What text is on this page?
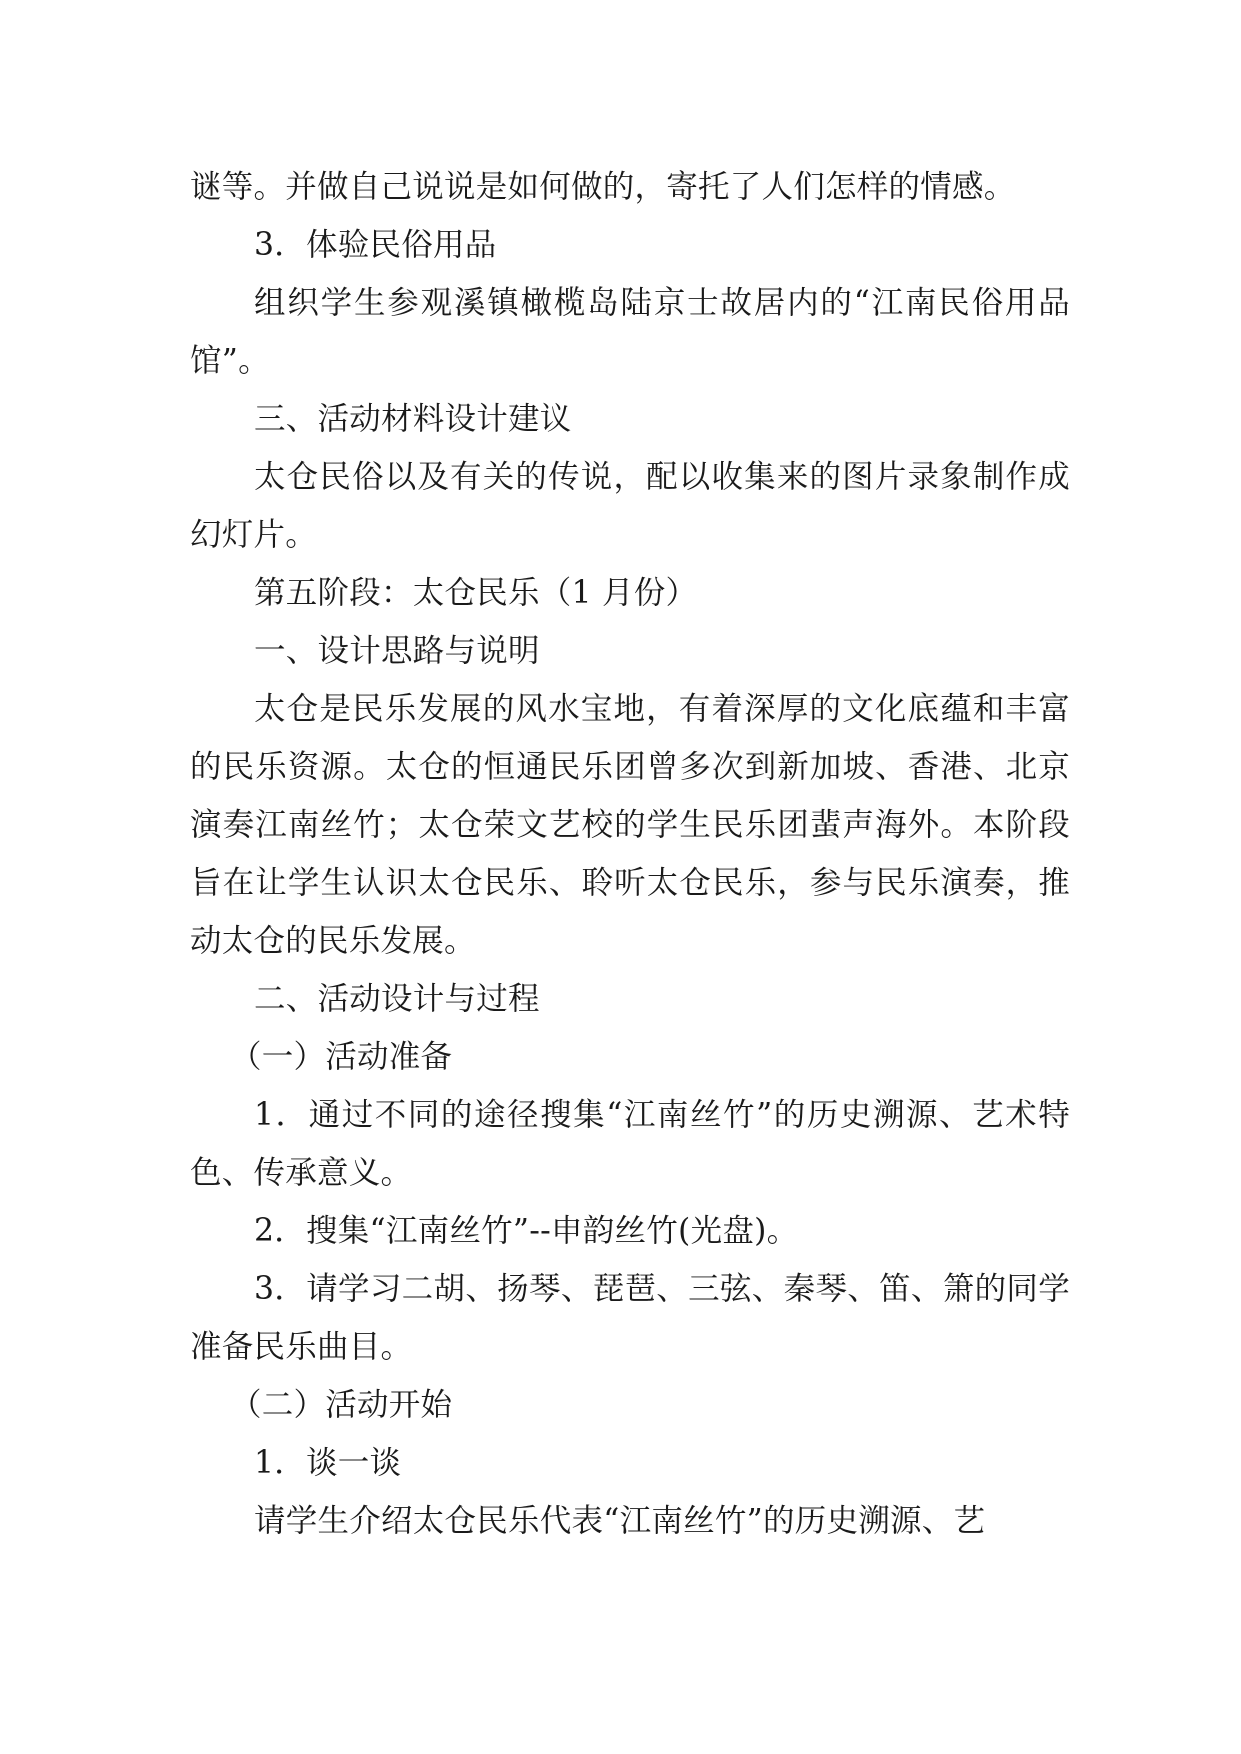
谜等。并做自己说说是如何做的，寄托了人们怎样的情感。

3．体验民俗用品

组织学生参观溪镇橄榄岛陆京士故居内的“江南民俗用品馆”。

三、活动材料设计建议

太仓民俗以及有关的传说，配以收集来的图片录象制作成幻灯片。

第五阶段：太仓民乐（1 月份）

一、设计思路与说明

太仓是民乐发展的风水宝地，有着深厚的文化底蕴和丰富的民乐资源。太仓的恒通民乐团曾多次到新加坡、香港、北京演奏江南丝竹；太仓荣文艺校的学生民乐团蜚声海外。本阶段旨在让学生认识太仓民乐、聆听太仓民乐，参与民乐演奏，推动太仓的民乐发展。

二、活动设计与过程

（一）活动准备

1．通过不同的途径搜集“江南丝竹”的历史溯源、艺术特色、传承意义。

2．搜集“江南丝竹”--申韵丝竹(光盘)。

3．请学习二胡、扬琴、琵琶、三弦、秦琴、笛、箫的同学准备民乐曲目。

（二）活动开始

1．谈一谈

请学生介绍太仓民乐代表“江南丝竹”的历史溯源、艺
